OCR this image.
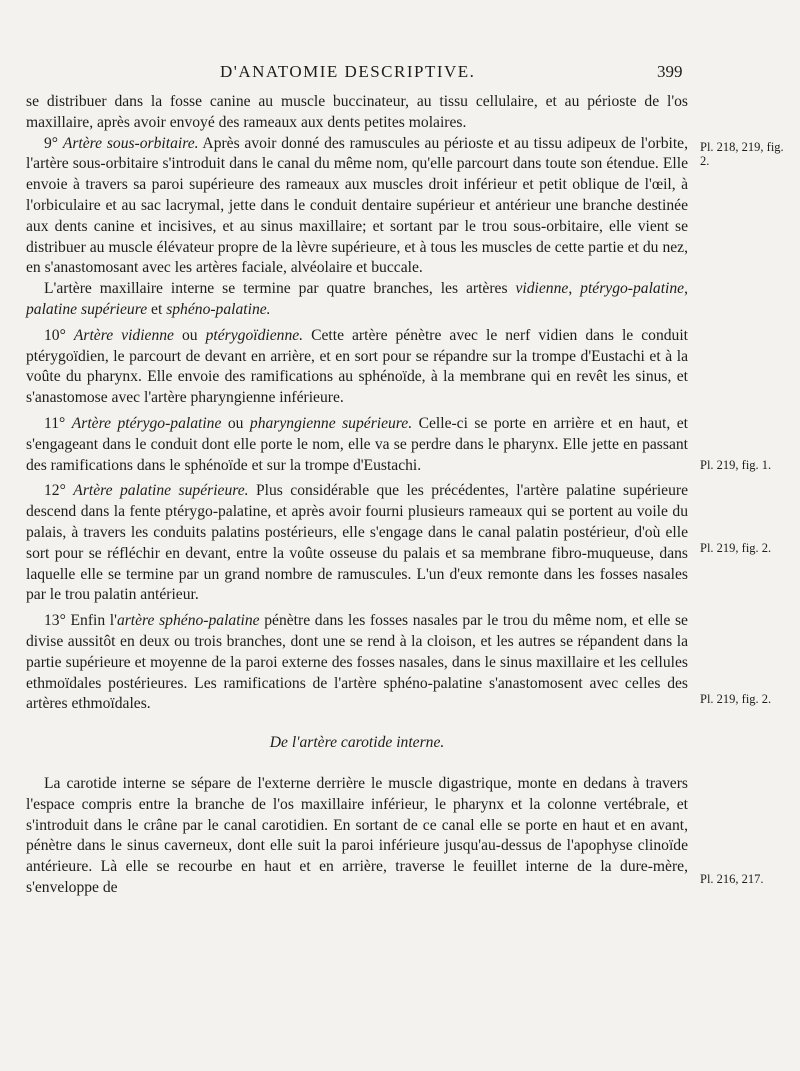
D'ANATOMIE DESCRIPTIVE.	399

se distribuer dans la fosse canine au muscle buccinateur, au tissu cellulaire, et au périoste de l'os maxillaire, après avoir envoyé des rameaux aux dents petites molaires.

9° Artère sous-orbitaire. Après avoir donné des ramuscules au périoste et au tissu adipeux de l'orbite, l'artère sous-orbitaire s'introduit dans le canal du même nom, qu'elle parcourt dans toute son étendue. Elle envoie à travers sa paroi supérieure des rameaux aux muscles droit inférieur et petit oblique de l'œil, à l'orbiculaire et au sac lacrymal, jette dans le conduit dentaire supérieur et antérieur une branche destinée aux dents canine et incisives, et au sinus maxillaire; et sortant par le trou sous-orbitaire, elle vient se distribuer au muscle élévateur propre de la lèvre supérieure, et à tous les muscles de cette partie et du nez, en s'anastomosant avec les artères faciale, alvéolaire et buccale.

L'artère maxillaire interne se termine par quatre branches, les artères vidienne, ptérygo-palatine, palatine supérieure et sphéno-palatine.

10° Artère vidienne ou ptérygoïdienne. Cette artère pénètre avec le nerf vidien dans le conduit ptérygoïdien, le parcourt de devant en arrière, et en sort pour se répandre sur la trompe d'Eustachi et à la voûte du pharynx. Elle envoie des ramifications au sphénoïde, à la membrane qui en revêt les sinus, et s'anastomose avec l'artère pharyngienne inférieure.

11° Artère ptérygo-palatine ou pharyngienne supérieure. Celle-ci se porte en arrière et en haut, et s'engageant dans le conduit dont elle porte le nom, elle va se perdre dans le pharynx. Elle jette en passant des ramifications dans le sphénoïde et sur la trompe d'Eustachi.

12° Artère palatine supérieure. Plus considérable que les précédentes, l'artère palatine supérieure descend dans la fente ptérygo-palatine, et après avoir fourni plusieurs rameaux qui se portent au voile du palais, à travers les conduits palatins postérieurs, elle s'engage dans le canal palatin postérieur, d'où elle sort pour se réfléchir en devant, entre la voûte osseuse du palais et sa membrane fibro-muqueuse, dans laquelle elle se termine par un grand nombre de ramuscules. L'un d'eux remonte dans les fosses nasales par le trou palatin antérieur.

13° Enfin l'artère sphéno-palatine pénètre dans les fosses nasales par le trou du même nom, et elle se divise aussitôt en deux ou trois branches, dont une se rend à la cloison, et les autres se répandent dans la partie supérieure et moyenne de la paroi externe des fosses nasales, dans le sinus maxillaire et les cellules ethmoïdales postérieures. Les ramifications de l'artère sphéno-palatine s'anastomosent avec celles des artères ethmoïdales.

De l'artère carotide interne.

La carotide interne se sépare de l'externe derrière le muscle digastrique, monte en dedans à travers l'espace compris entre la branche de l'os maxillaire inférieur, le pharynx et la colonne vertébrale, et s'introduit dans le crâne par le canal carotidien. En sortant de ce canal elle se porte en haut et en avant, pénètre dans le sinus caverneux, dont elle suit la paroi inférieure jusqu'au-dessus de l'apophyse clinoïde antérieure. Là elle se recourbe en haut et en arrière, traverse le feuillet interne de la dure-mère, s'enveloppe de

Pl. 218, 219, fig. 2.
Pl. 219, fig. 1.
Pl. 219, fig. 2.
Pl. 219, fig. 2.
Pl. 216, 217.
